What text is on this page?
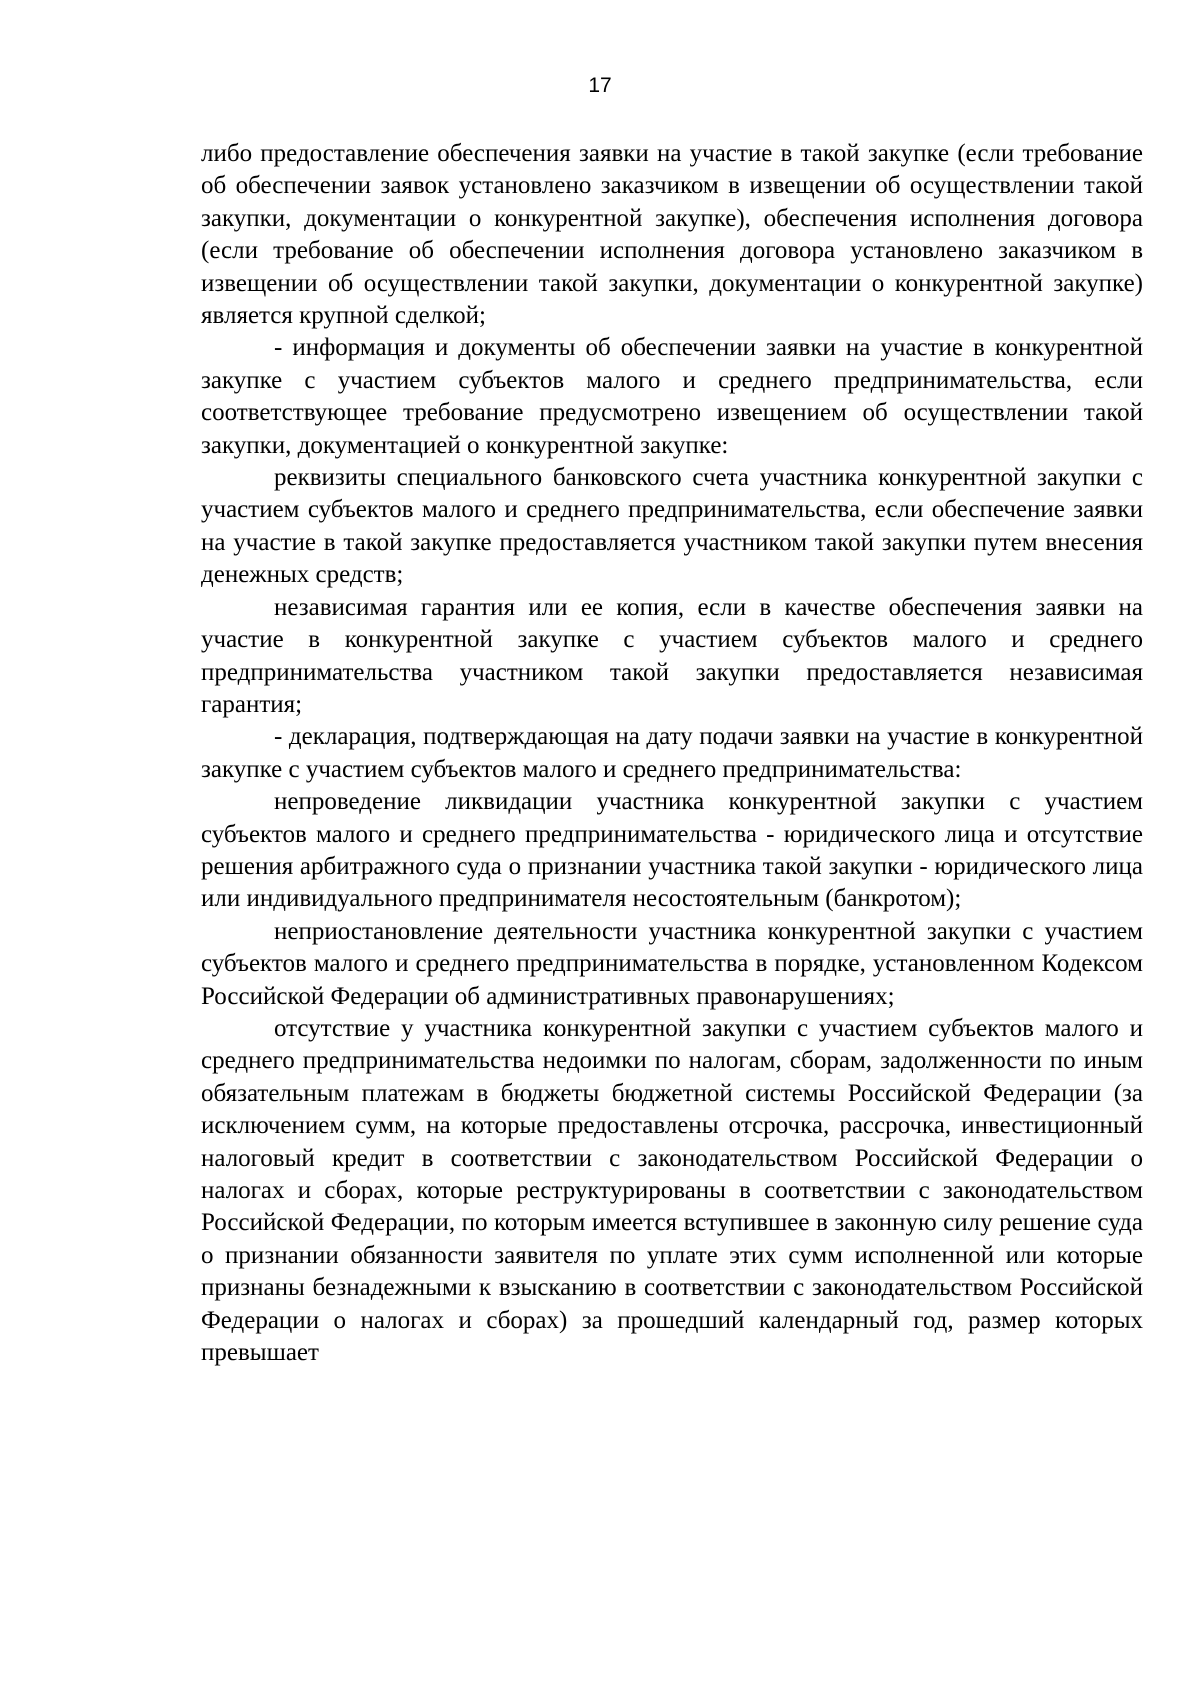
17

либо предоставление обеспечения заявки на участие в такой закупке (если требование об обеспечении заявок установлено заказчиком в извещении об осуществлении такой закупки, документации о конкурентной закупке), обеспечения исполнения договора (если требование об обеспечении исполнения договора установлено заказчиком в извещении об осуществлении такой закупки, документации о конкурентной закупке) является крупной сделкой;

- информация и документы об обеспечении заявки на участие в конкурентной закупке с участием субъектов малого и среднего предпринимательства, если соответствующее требование предусмотрено извещением об осуществлении такой закупки, документацией о конкурентной закупке:

реквизиты специального банковского счета участника конкурентной закупки с участием субъектов малого и среднего предпринимательства, если обеспечение заявки на участие в такой закупке предоставляется участником такой закупки путем внесения денежных средств;

независимая гарантия или ее копия, если в качестве обеспечения заявки на участие в конкурентной закупке с участием субъектов малого и среднего предпринимательства участником такой закупки предоставляется независимая гарантия;

- декларация, подтверждающая на дату подачи заявки на участие в конкурентной закупке с участием субъектов малого и среднего предпринимательства:

непроведение ликвидации участника конкурентной закупки с участием субъектов малого и среднего предпринимательства - юридического лица и отсутствие решения арбитражного суда о признании участника такой закупки - юридического лица или индивидуального предпринимателя несостоятельным (банкротом);

неприостановление деятельности участника конкурентной закупки с участием субъектов малого и среднего предпринимательства в порядке, установленном Кодексом Российской Федерации об административных правонарушениях;

отсутствие у участника конкурентной закупки с участием субъектов малого и среднего предпринимательства недоимки по налогам, сборам, задолженности по иным обязательным платежам в бюджеты бюджетной системы Российской Федерации (за исключением сумм, на которые предоставлены отсрочка, рассрочка, инвестиционный налоговый кредит в соответствии с законодательством Российской Федерации о налогах и сборах, которые реструктурированы в соответствии с законодательством Российской Федерации, по которым имеется вступившее в законную силу решение суда о признании обязанности заявителя по уплате этих сумм исполненной или которые признаны безнадежными к взысканию в соответствии с законодательством Российской Федерации о налогах и сборах) за прошедший календарный год, размер которых превышает
